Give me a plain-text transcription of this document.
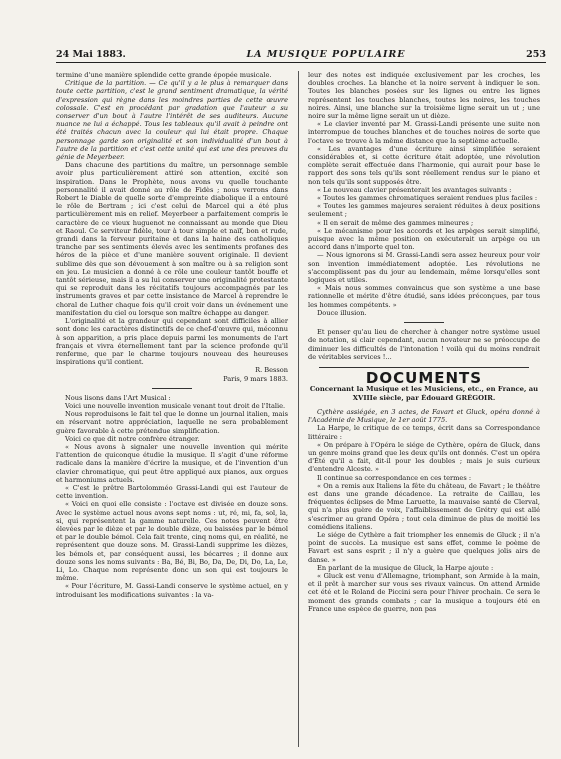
24 Mai 1883.	LA MUSIQUE POPULAIRE	253

termine d'une manière splendide cette grande épopée musicale.

Critique de la partition. — Ce qu'il y a le plus à remarquer dans toute cette partition, c'est le grand sentiment dramatique, la vérité d'expression qui règne dans les moindres parties de cette œuvre colossale. C'est en procédant par gradation que l'auteur a su conserver d'un bout à l'autre l'intérêt de ses auditeurs. Aucune nuance ne lui a échappé. Tous les tableaux qu'il avait à peindre ont été traités chacun avec la couleur qui lui était propre. Chaque personnage garde son originalité et son individualité d'un bout à l'autre de la partition et c'est cette unité qui est une des preuves du génie de Meyerbeer.

Dans chacune des partitions du maître, un personnage semble avoir plus particulièrement attiré son attention, excité son inspiration. Dans le Prophète, nous avons vu quelle touchante personnalité il avait donné au rôle de Fidès ; nous verrons dans Robert le Diable de quelle sorte d'empreinte diabolique il a entouré le rôle de Bertram ; ici c'est celui de Marcel qui a été plus particulièrement mis en relief. Meyerbeer a parfaitement compris le caractère de ce vieux huguenot ne connaissant au monde que Dieu et Raoul. Ce serviteur fidèle, tour à tour simple et naïf, bon et rude, grandi dans la ferveur puritaine et dans la haine des catholiques tranche par ses sentiments élevés avec les sentiments profanes des héros de la pièce et d'une manière souvent originale. Il devient sublime dès que son dévouement à son maître ou à sa religion sont en jeu. Le musicien a donné à ce rôle une couleur tantôt bouffe et tantôt sérieuse, mais il a su lui conserver une originalité protestante qui se reproduit dans les récitatifs toujours accompagnés par les instruments graves et par cette insistance de Marcel à reprendre le choral de Luther chaque fois qu'il croit voir dans un événement une manifestation du ciel ou lorsque son maître échappe au danger.

L'originalité et la grandeur qui cependant sont difficiles à allier sont donc les caractères distinctifs de ce chef-d'œuvre qui, méconnu à son apparition, a pris place depuis parmi les monuments de l'art français et vivra éternellement tant par la science profonde qu'il renferme, que par le charme toujours nouveau des heureuses inspirations qu'il contient.

R. Besson

Paris, 9 mars 1883.

Nous lisons dans l'Art Musical :

Voici une nouvelle invention musicale venant tout droit de l'Italie.

Nous reproduisons le fait tel que le donne un journal italien, mais en réservant notre appréciation, laquelle ne sera probablement guère favorable à cette prétendue simplification.

Voici ce que dit notre confrère étranger.

« Nous avons à signaler une nouvelle invention qui mérite l'attention de quiconque étudie la musique. Il s'agit d'une réforme radicale dans la manière d'écrire la musique, et de l'invention d'un clavier chromatique, qui peut être appliqué aux pianos, aux orgues et harmoniums actuels.

« C'est le prêtre Bartolomméo Grassi-Landi qui est l'auteur de cette invention.

« Voici en quoi elle consiste : l'octave est divisée en douze sons. Avec le système actuel nous avons sept noms : ut, ré, mi, fa, sol, la, si, qui représentent la gamme naturelle. Ces notes peuvent être élevées par le dièze et par le double dièze, ou baissées par le bémol et par le double bémol. Cela fait trente, cinq noms qui, en réalité, ne représentent que douze sons. M. Grassi-Landi supprime les dièzes, les bémols et, par conséquent aussi, les bécarres ; il donne aux douze sons les noms suivants : Ba, Bé, Bi, Bo, Da, De, Di, Do, La, Le, Li, Lo. Chaque nom représente donc un son qui est toujours le même.

« Pour l'écriture, M. Gassi-Landi conserve le système actuel, en y introduisant les modifications suivantes : la va-

leur des notes est indiquée exclusivement par les croches, les doubles croches. La blanche et la noire servent à indiquer le son. Toutes les blanches posées sur les lignes ou entre les lignes représentent les touches blanches, toutes les noires, les touches noires. Ainsi, une blanche sur la troisième ligne serait un ut ; une noire sur la même ligne serait un ut dièze.

« Le clavier inventé par M. Grassi-Landi présente une suite non interrompue de touches blanches et de touches noires de sorte que l'octave se trouve à la même distance que la septième actuelle.

« Les avantages d'une écriture ainsi simplifiée seraient considérables et, si cette écriture était adoptée, une révolution complète serait effectuée dans l'harmonie, qui aurait pour base le rapport des sons tels qu'ils sont réellement rendus sur le piano et non tels qu'ils sont supposés être.

« Le nouveau clavier présenterait les avantages suivants :

« Toutes les gammes chromatiques seraient rendues plus faciles :

« Toutes les gammes majeures seraient réduites à deux positions seulement ;

« Il en serait de même des gammes mineures ;

« Le mécanisme pour les accords et les arpèges serait simplifié, puisque avec la même position on exécuterait un arpège ou un accord dans n'importe quel ton.

— Nous ignorons si M. Grassi-Landi sera assez heureux pour voir son invention immédiatement adoptée. Les révolutions ne s'accomplissent pas du jour au lendemain, même lorsqu'elles sont logiques et utiles.

« Mais nous sommes convaincus que son système a une base rationnelle et mérite d'être étudié, sans idées préconçues, par tous les hommes compétents. »

Douce illusion.

Et penser qu'au lieu de chercher à changer notre système usuel de notation, si clair cependant, aucun novateur ne se préoccupe de diminuer les difficultés de l'intonation ! voilà qui du moins rendrait de véritables services !...

DOCUMENTS
Concernant la Musique et les Musiciens, etc., en France, au XVIIIe siècle, par Édouard GRÉGOIR.

Cythère assiégée, en 3 actes, de Favart et Gluck, opéra donné à l'Académie de Musique, le 1er août 1775.

La Harpe, le critique de ce temps, écrit dans sa Correspondance littéraire :

« On prépare à l'Opéra le siége de Cythère, opéra de Gluck, dans un genre moins grand que les deux qu'ils ont donnés. C'est un opéra d'Été qu'il a fait, dit-il pour les doubles ; mais je suis curieux d'entendre Alceste. »

Il continue sa correspondance en ces termes :

« On a remis aux Italiens la fête du château, de Favart ; le théâtre est dans une grande décadence. La retraite de Caillau, les fréquentes éclipses de Mme Laruette, la mauvaise santé de Clerval, qui n'a plus guère de voix, l'affaiblissement de Grétry qui est allé s'escrimer au grand Opéra ; tout cela diminue de plus de moitié les comédiens italiens.

Le siége de Cythère a fait triompher les ennemis de Gluck ; il n'a point de succès. La musique est sans effet, comme le poème de Favart est sans esprit ; il n'y a guère que quelques jolis airs de danse. »

En parlant de la musique de Gluck, la Harpe ajoute :

« Gluck est venu d'Allemagne, triomphant, son Armide à la main, et il prêt à marcher sur vous ses rivaux vaincus. On attend Armide cet été et le Roland de Piccini sera pour l'hiver prochain. Ce sera le moment des grands combats ; car la musique a toujours été en France une espèce de guerre, non pas
